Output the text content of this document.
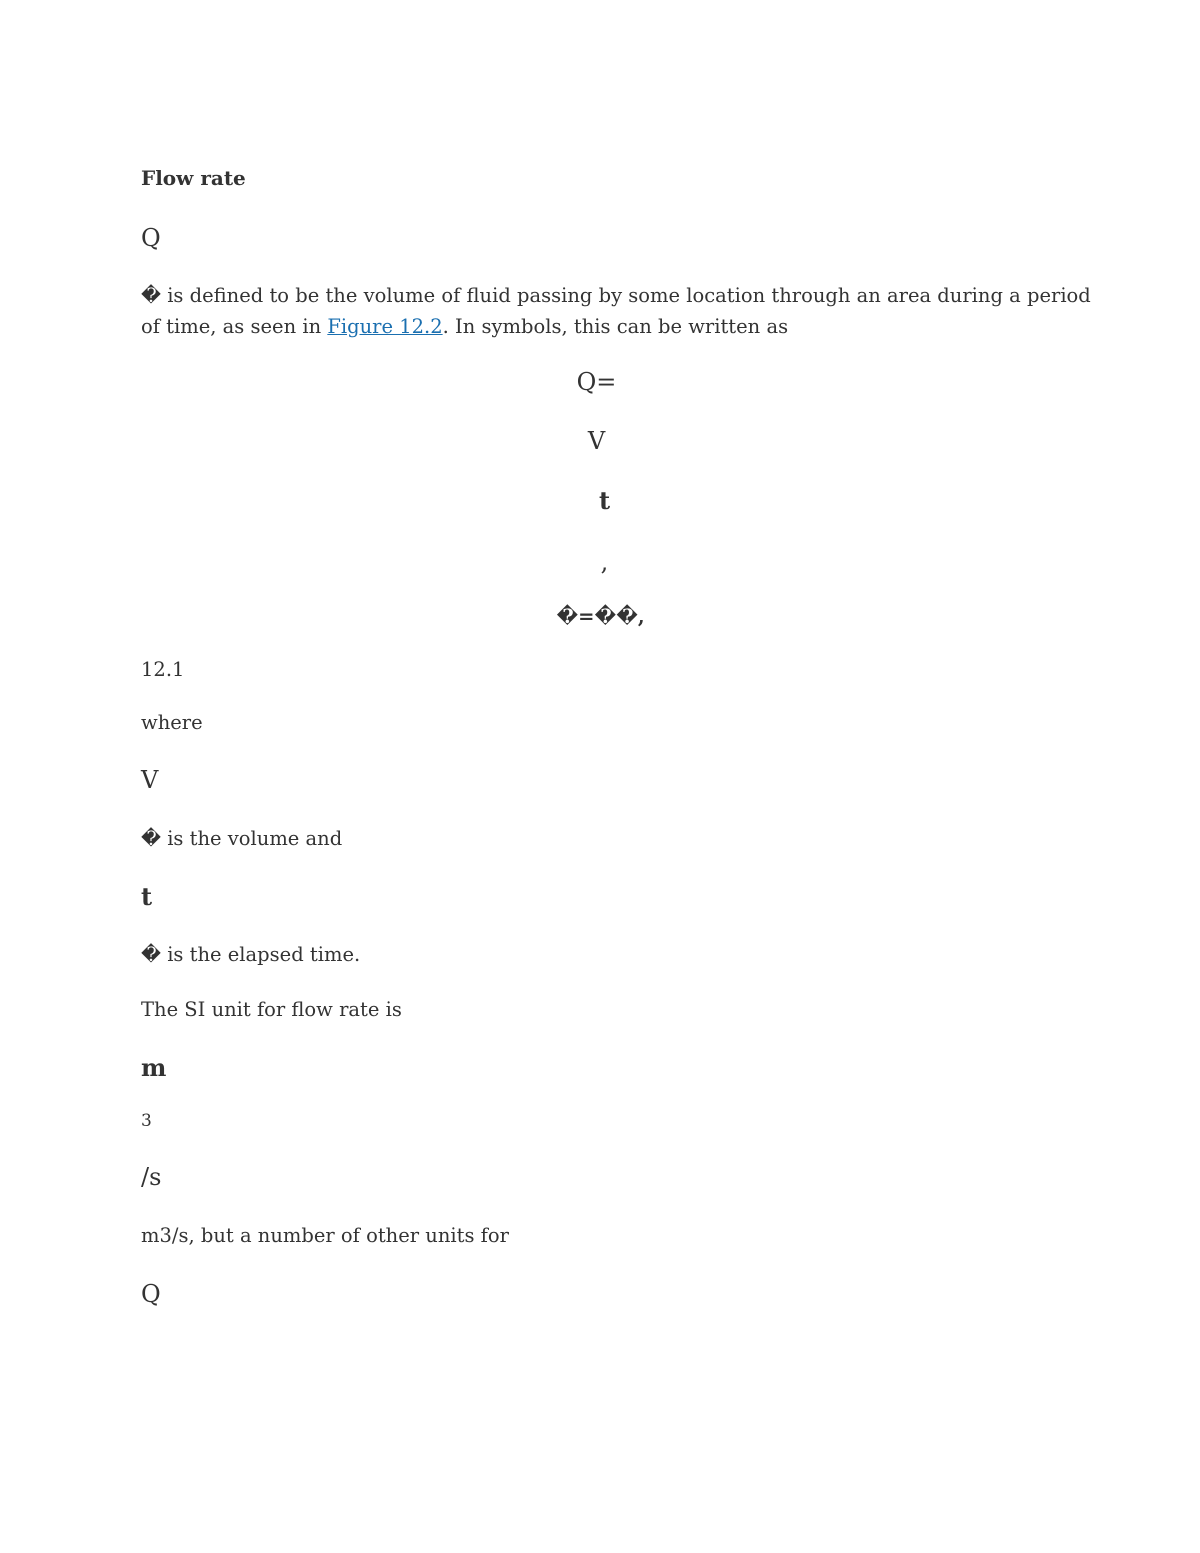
Flow rate

Q

� is defined to be the volume of fluid passing by some location through an area during a period
of time, as seen in Figure 12.2. In symbols, this can be written as

Q=

V

t

,

�=��,

12.1

where

V

� is the volume and

t

� is the elapsed time.

The SI unit for flow rate is

m

3

/s

m3/s, but a number of other units for

Q
